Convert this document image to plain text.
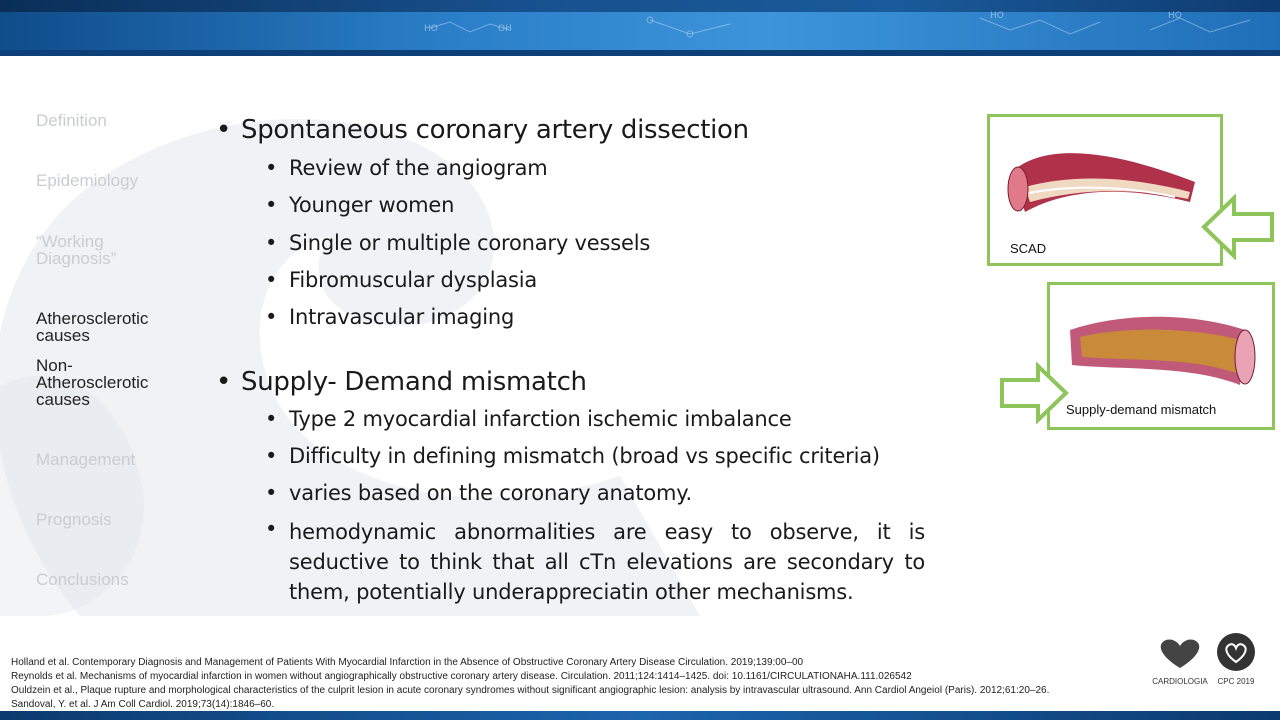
HO	OH
HO	HO
Definition
Epidemiology
“Working
Diagnosis”
Atherosclerotic
causes
Non-
Atherosclerotic
causes
Management
Prognosis
Conclusions
• Spontaneous coronary artery dissection
• Review of the angiogram
• Younger women
• Single or multiple coronary vessels
• Fibromuscular dysplasia
• Intravascular imaging
• Supply- Demand mismatch
• Type 2 myocardial infarction ischemic imbalance
• Difficulty in defining mismatch (broad vs specific criteria)
• varies based on the coronary anatomy.
• hemodynamic abnormalities are easy to observe, it is seductive to think that all cTn elevations are secondary to them, potentially underappreciatin other mechanisms.
SCAD
Supply-demand mismatch
Holland et al. Contemporary Diagnosis and Management of Patients With Myocardial Infarction in the Absence of Obstructive Coronary Artery Disease Circulation. 2019;139:00–00
Reynolds et al. Mechanisms of myocardial infarction in women without angiographically obstructive coronary artery disease. Circulation. 2011;124:1414–1425. doi: 10.1161/CIRCULATIONAHA.111.026542
Ouldzein et al., Plaque rupture and morphological characteristics of the culprit lesion in acute coronary syndromes without significant angiographic lesion: analysis by intravascular ultrasound. Ann Cardiol Angeiol (Paris). 2012;61:20–26.
Sandoval, Y. et al. J Am Coll Cardiol. 2019;73(14):1846–60.
CARDIOLOGIA	CPC 2019
